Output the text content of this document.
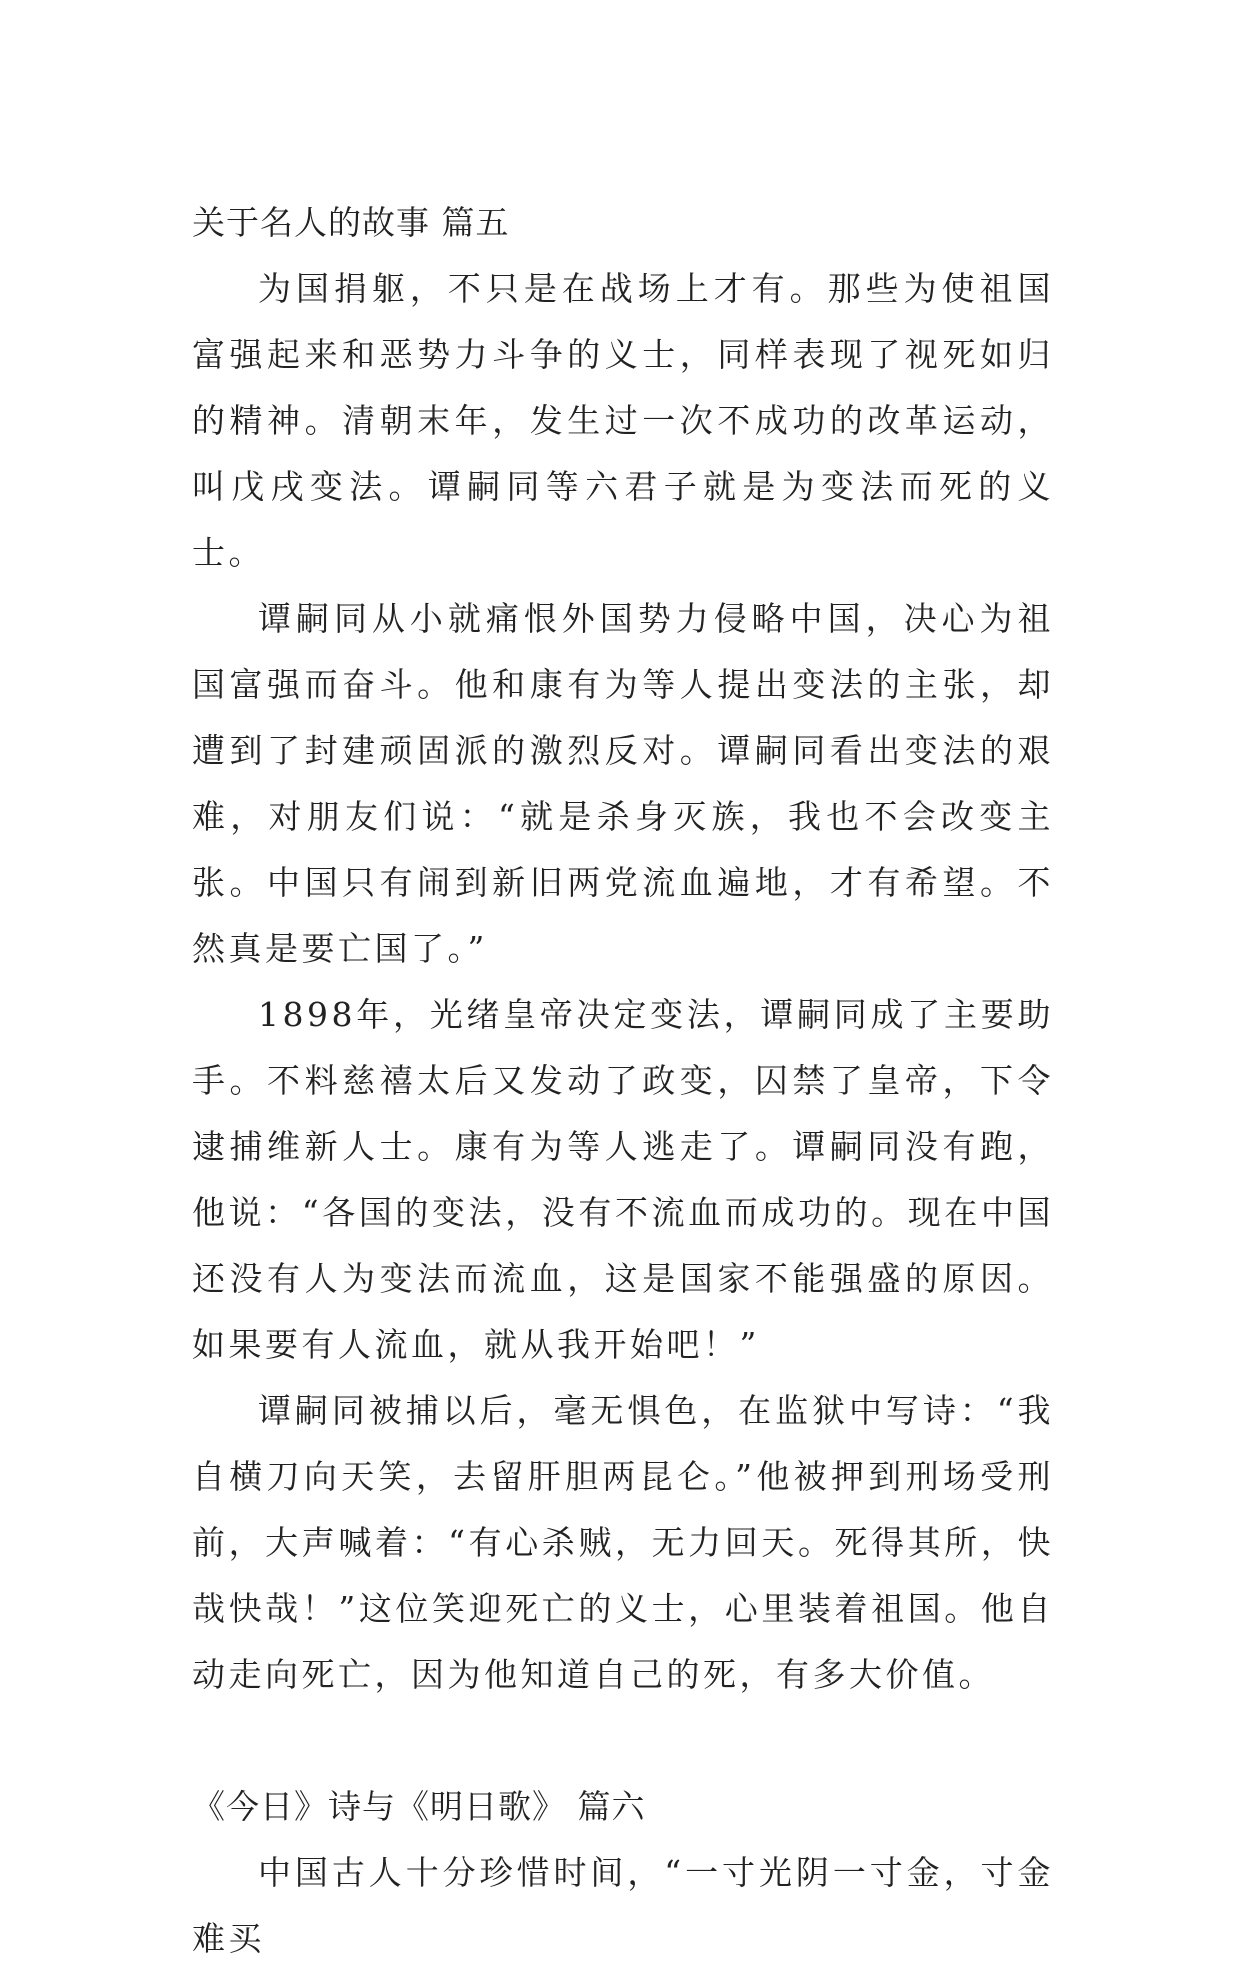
关于名人的故事 篇五

为国捐躯，不只是在战场上才有。那些为使祖国富强起来和恶势力斗争的义士，同样表现了视死如归的精神。清朝末年，发生过一次不成功的改革运动，叫戊戌变法。谭嗣同等六君子就是为变法而死的义士。

谭嗣同从小就痛恨外国势力侵略中国，决心为祖国富强而奋斗。他和康有为等人提出变法的主张，却遭到了封建顽固派的激烈反对。谭嗣同看出变法的艰难，对朋友们说：“就是杀身灭族，我也不会改变主张。中国只有闹到新旧两党流血遍地，才有希望。不然真是要亡国了。”

1898年，光绪皇帝决定变法，谭嗣同成了主要助手。不料慈禧太后又发动了政变，囚禁了皇帝，下令逮捕维新人士。康有为等人逃走了。谭嗣同没有跑，他说：“各国的变法，没有不流血而成功的。现在中国还没有人为变法而流血，这是国家不能强盛的原因。如果要有人流血，就从我开始吧！”

谭嗣同被捕以后，毫无惧色，在监狱中写诗：“我自横刀向天笑，去留肝胆两昆仑。”他被押到刑场受刑前，大声喊着：“有心杀贼，无力回天。死得其所，快哉快哉！”这位笑迎死亡的义士，心里装着祖国。他自动走向死亡，因为他知道自己的死，有多大价值。

《今日》诗与《明日歌》 篇六

中国古人十分珍惜时间，“一寸光阴一寸金，寸金难买
